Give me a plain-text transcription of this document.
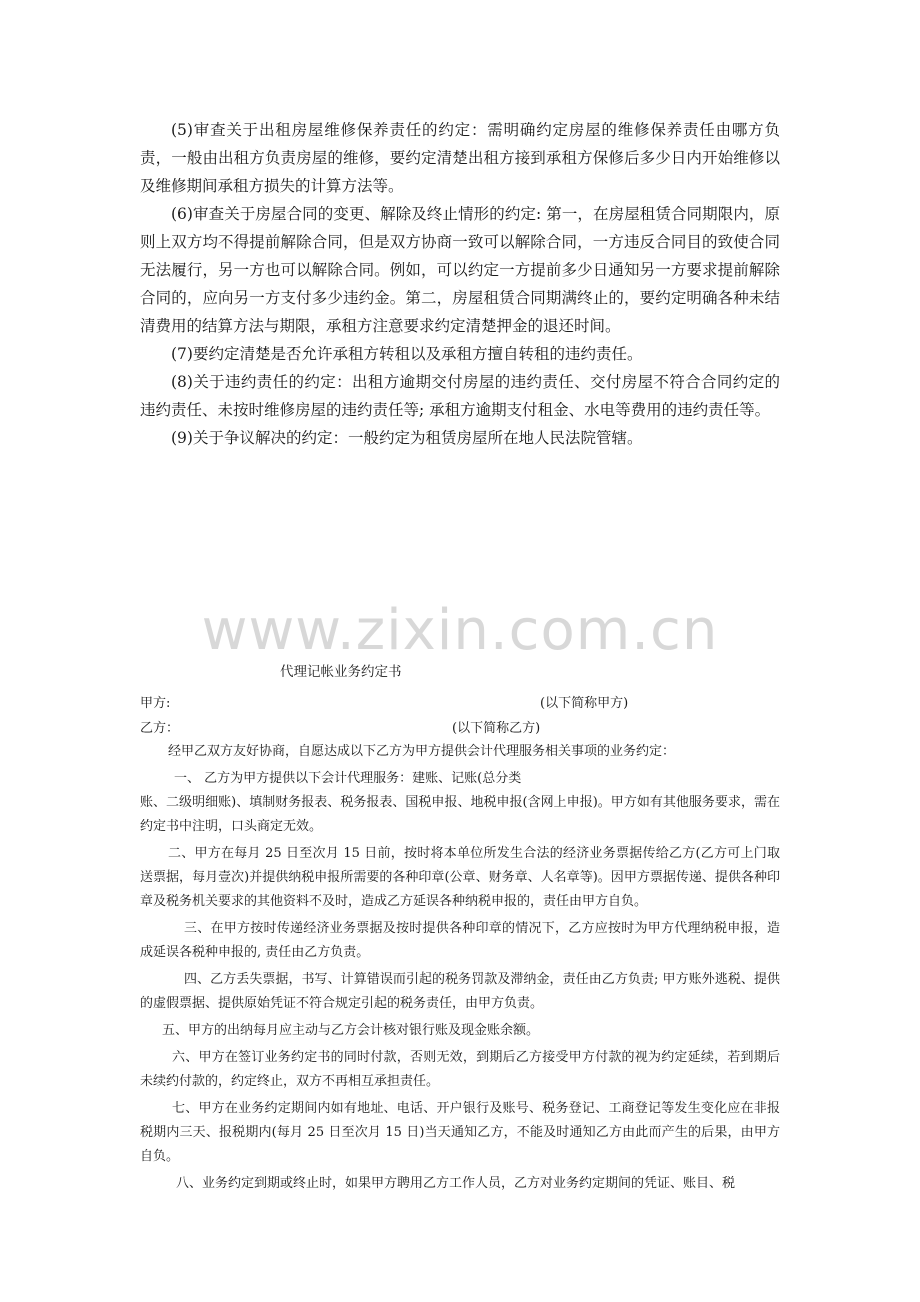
(5)审查关于出租房屋维修保养责任的约定：需明确约定房屋的维修保养责任由哪方负责，一般由出租方负责房屋的维修，要约定清楚出租方接到承租方保修后多少日内开始维修以及维修期间承租方损失的计算方法等。

(6)审查关于房屋合同的变更、解除及终止情形的约定: 第一，在房屋租赁合同期限内，原则上双方均不得提前解除合同，但是双方协商一致可以解除合同，一方违反合同目的致使合同无法履行，另一方也可以解除合同。例如，可以约定一方提前多少日通知另一方要求提前解除合同的，应向另一方支付多少违约金。第二，房屋租赁合同期满终止的，要约定明确各种未结清费用的结算方法与期限，承租方注意要求约定清楚押金的退还时间。

(7)要约定清楚是否允许承租方转租以及承租方擅自转租的违约责任。

(8)关于违约责任的约定：出租方逾期交付房屋的违约责任、交付房屋不符合合同约定的违约责任、未按时维修房屋的违约责任等; 承租方逾期支付租金、水电等费用的违约责任等。

(9)关于争议解决的约定：一般约定为租赁房屋所在地人民法院管辖。

www.zixin.com.cn
代理记帐业务约定书
甲方:	(以下简称甲方)
乙方：	(以下简称乙方)

经甲乙双方友好协商，自愿达成以下乙方为甲方提供会计代理服务相关事项的业务约定：

一、 乙方为甲方提供以下会计代理服务：建账、记账(总分类

账、二级明细账)、填制财务报表、税务报表、国税申报、地税申报(含网上申报)。甲方如有其他服务要求，需在约定书中注明，口头商定无效。

二、甲方在每月 25 日至次月 15 日前，按时将本单位所发生合法的经济业务票据传给乙方(乙方可上门取送票据，每月壹次)并提供纳税申报所需要的各种印章(公章、财务章、人名章等)。因甲方票据传递、提供各种印章及税务机关要求的其他资料不及时，造成乙方延误各种纳税申报的，责任由甲方自负。

三、在甲方按时传递经济业务票据及按时提供各种印章的情况下，乙方应按时为甲方代理纳税申报，造成延误各税种申报的, 责任由乙方负责。

四、乙方丢失票据，书写、计算错误而引起的税务罚款及滞纳金，责任由乙方负责; 甲方账外逃税、提供的虚假票据、提供原始凭证不符合规定引起的税务责任，由甲方负责。

五、甲方的出纳每月应主动与乙方会计核对银行账及现金账余额。

六、甲方在签订业务约定书的同时付款，否则无效，到期后乙方接受甲方付款的视为约定延续，若到期后未续约付款的，约定终止，双方不再相互承担责任。

七、甲方在业务约定期间内如有地址、电话、开户银行及账号、税务登记、工商登记等发生变化应在非报税期内三天、报税期内(每月 25 日至次月 15 日)当天通知乙方，不能及时通知乙方由此而产生的后果，由甲方自负。

八、业务约定到期或终止时，如果甲方聘用乙方工作人员，乙方对业务约定期间的凭证、账目、税
